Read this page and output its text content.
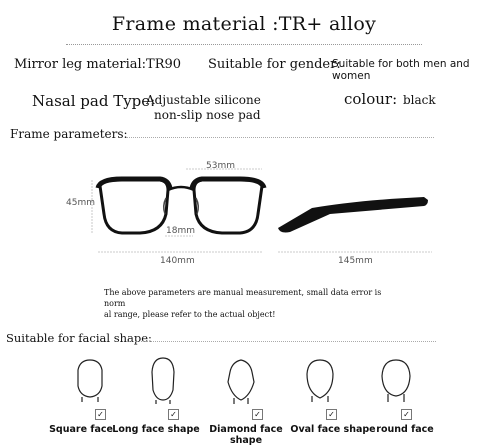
Frame material :TR+ alloy
Mirror leg material:TR90 Suitable for gender:
Suitable for both men and women
Nasal pad Type:
Adjustable silicone
non-slip nose pad
colour: black
Frame parameters:
53mm
45mm
18mm
140mm	145mm
The above parameters are manual measurement, small data error is norm
al range, please refer to the actual object!
Suitable for facial shape:
✓	✓	✓	✓	✓
Square face Long face shape	Diamond face shape
Oval face shape round face
